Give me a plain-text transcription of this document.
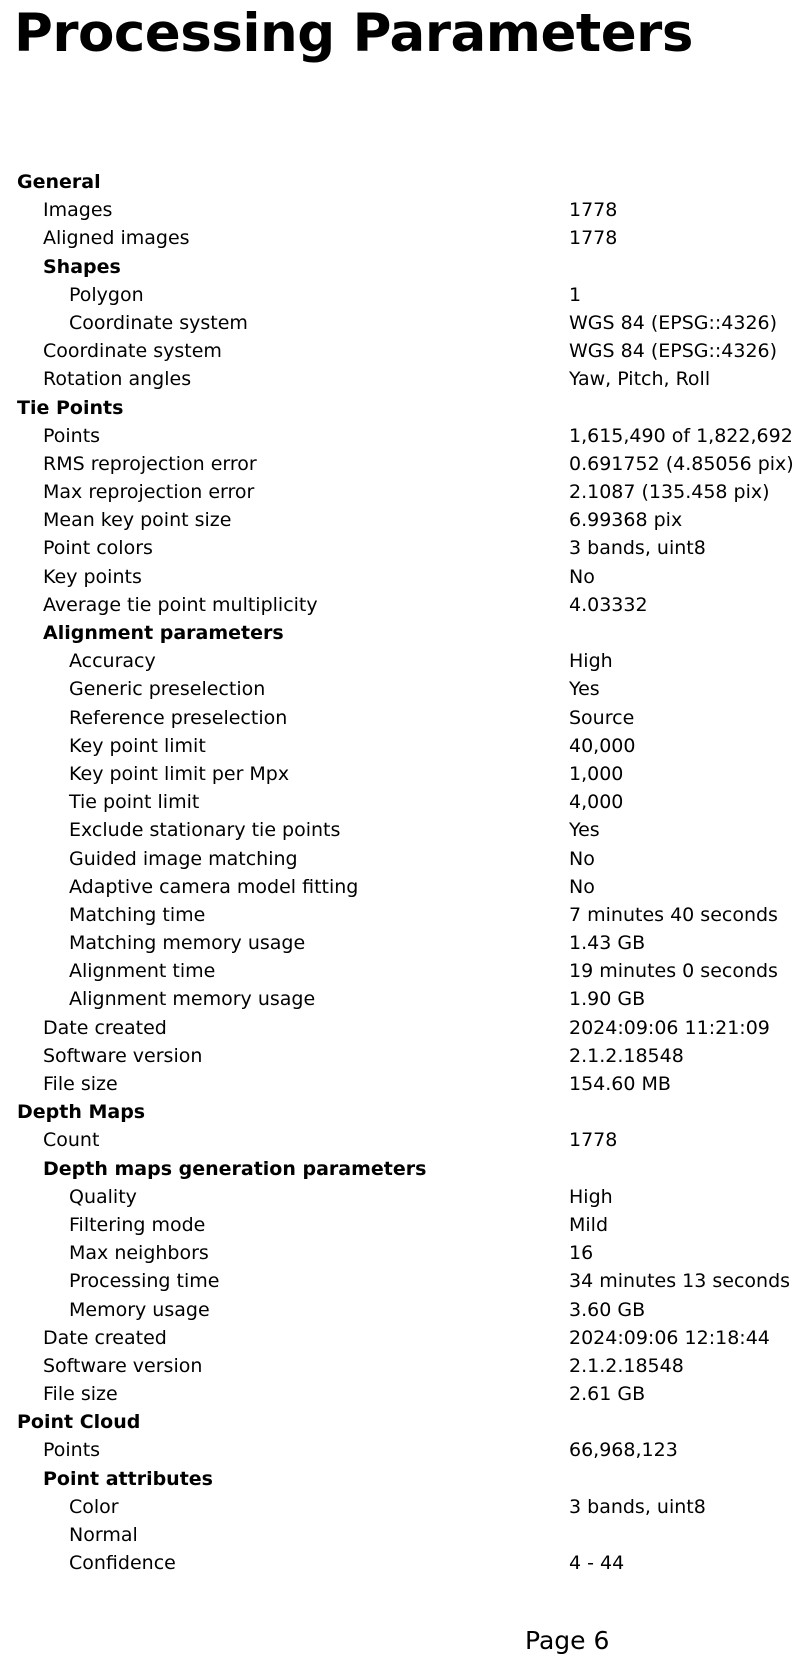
Processing Parameters
General
Images	1778
Aligned images	1778
Shapes
Polygon	1
Coordinate system	WGS 84 (EPSG::4326)
Coordinate system	WGS 84 (EPSG::4326)
Rotation angles	Yaw, Pitch, Roll
Tie Points
Points	1,615,490 of 1,822,692
RMS reprojection error	0.691752 (4.85056 pix)
Max reprojection error	2.1087 (135.458 pix)
Mean key point size	6.99368 pix
Point colors	3 bands, uint8
Key points	No
Average tie point multiplicity	4.03332
Alignment parameters
Accuracy	High
Generic preselection	Yes
Reference preselection	Source
Key point limit	40,000
Key point limit per Mpx	1,000
Tie point limit	4,000
Exclude stationary tie points	Yes
Guided image matching	No
Adaptive camera model fitting	No
Matching time	7 minutes 40 seconds
Matching memory usage	1.43 GB
Alignment time	19 minutes 0 seconds
Alignment memory usage	1.90 GB
Date created	2024:09:06 11:21:09
Software version	2.1.2.18548
File size	154.60 MB
Depth Maps
Count	1778
Depth maps generation parameters
Quality	High
Filtering mode	Mild
Max neighbors	16
Processing time	34 minutes 13 seconds
Memory usage	3.60 GB
Date created	2024:09:06 12:18:44
Software version	2.1.2.18548
File size	2.61 GB
Point Cloud
Points	66,968,123
Point attributes
Color	3 bands, uint8
Normal
Confidence	4 - 44
Page 6
